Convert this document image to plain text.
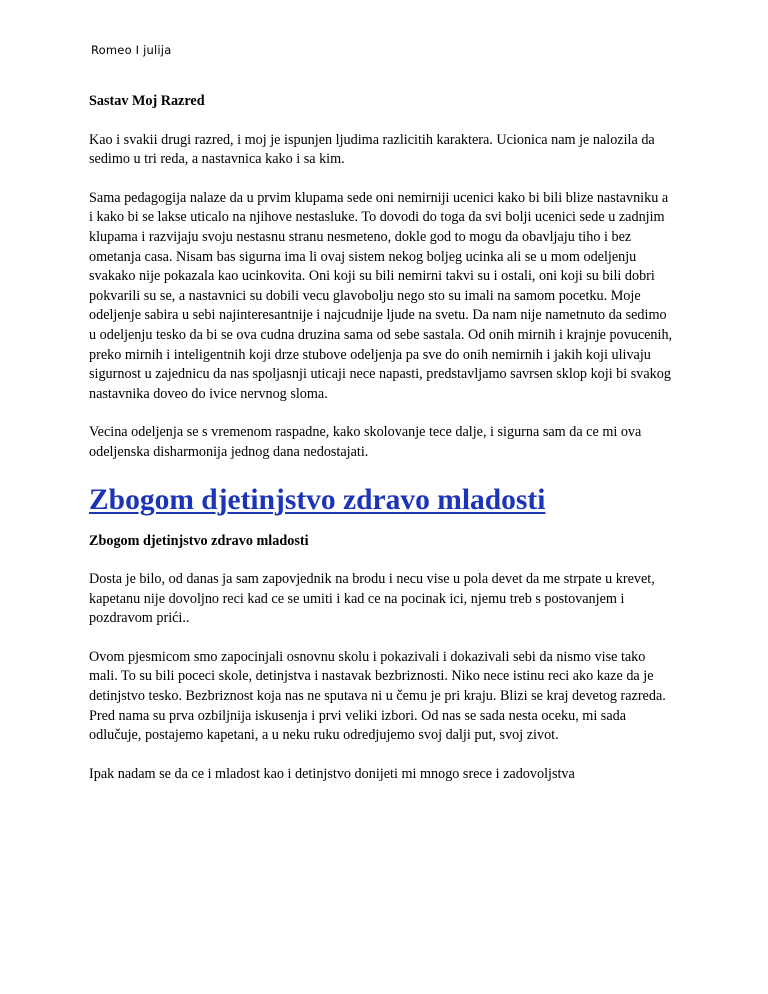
Romeo I julija
Sastav Moj Razred

Kao i svakii drugi razred, i moj je ispunjen ljudima razlicitih karaktera. Ucionica nam je nalozila da sedimo u tri reda, a nastavnica kako i sa kim.

Sama pedagogija nalaze da u prvim klupama sede oni nemirniji ucenici kako bi bili blize nastavniku a i kako bi se lakse uticalo na njihove nestasluke. To dovodi do toga da svi bolji ucenici sede u zadnjim klupama i razvijaju svoju nestasnu stranu nesmeteno, dokle god to mogu da obavljaju tiho i bez ometanja casa. Nisam bas sigurna ima li ovaj sistem nekog boljeg ucinka ali se u mom odeljenju svakako nije pokazala kao ucinkovita. Oni koji su bili nemirni takvi su i ostali, oni koji su bili dobri pokvarili su se, a nastavnici su dobili vecu glavobolju nego sto su imali na samom pocetku. Moje odeljenje sabira u sebi najinteresantnije i najcudnije ljude na svetu. Da nam nije nametnuto da sedimo u odeljenju tesko da bi se ova cudna druzina sama od sebe sastala. Od onih mirnih i krajnje povucenih, preko mirnih i inteligentnih koji drze stubove odeljenja pa sve do onih nemirnih i jakih koji ulivaju sigurnost u zajednicu da nas spoljasnji uticaji nece napasti, predstavljamo savrsen sklop koji bi svakog nastavnika doveo do ivice nervnog sloma.

Vecina odeljenja se s vremenom raspadne, kako skolovanje tece dalje, i sigurna sam da ce mi ova odeljenska disharmonija jednog dana nedostajati.

Zbogom djetinjstvo zdravo mladosti
Zbogom djetinjstvo zdravo mladosti

Dosta je bilo, od danas ja sam zapovjednik na brodu i necu vise u pola devet da me strpate u krevet, kapetanu nije dovoljno reci kad ce se umiti i kad ce na pocinak ici, njemu treb s postovanjem i pozdravom prići..

Ovom pjesmicom smo zapocinjali osnovnu skolu i pokazivali i dokazivali sebi da nismo vise tako mali. To su bili poceci skole, detinjstva i nastavak bezbriznosti. Niko nece istinu reci ako kaze da je detinjstvo tesko. Bezbriznost koja nas ne sputava ni u čemu je pri kraju. Blizi se kraj devetog razreda. Pred nama su prva ozbiljnija iskusenja i prvi veliki izbori. Od nas se sada nesta oceku, mi sada odlučuje, postajemo kapetani, a u neku ruku odredjujemo svoj dalji put, svoj zivot.

Ipak nadam se da ce i mladost kao i detinjstvo donijeti mi mnogo srece i zadovoljstva
